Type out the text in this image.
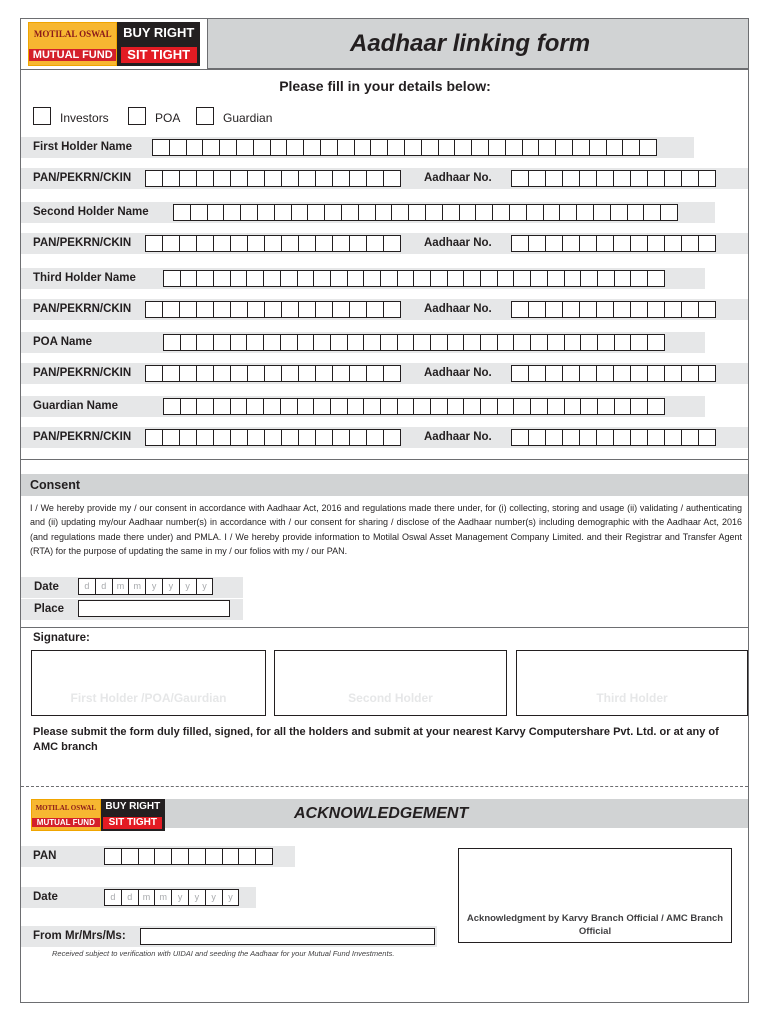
MOTILAL OSWAL
MUTUAL FUND
BUY RIGHT
SIT TIGHT	Aadhaar linking form
Please fill in your details below:
Investors	POA	Guardian
First Holder Name
PAN/PEKRN/CKIN	Aadhaar No.
Second Holder Name
PAN/PEKRN/CKIN	Aadhaar No.
Third Holder Name
PAN/PEKRN/CKIN	Aadhaar No.
POA Name
PAN/PEKRN/CKIN	Aadhaar No.
Guardian Name
PAN/PEKRN/CKIN	Aadhaar No.
Consent
I / We hereby provide my / our consent in accordance with Aadhaar Act, 2016 and regulations made there under, for (i) collecting, storing and usage (ii) validating / authenticating and (ii) updating my/our Aadhaar number(s) in accordance with / our consent for sharing / disclose of the Aadhaar number(s) including demographic with the Aadhaar Act, 2016 (and regulations made there under) and PMLA. I / We hereby provide information to Motilal Oswal Asset Management Company Limited. and their Registrar and Transfer Agent (RTA) for the purpose of updating the same in my / our folios with my / our PAN.
Date	d	d	m	m	y	y	y	y
Place
Signature:
First Holder /POA/Gaurdian	Second Holder	Third Holder
Please submit the form duly filled, signed, for all the holders and submit at your nearest Karvy Computershare Pvt. Ltd. or at any of AMC branch
MOTILAL OSWAL
MUTUAL FUND
BUY RIGHT
SIT TIGHT
ACKNOWLEDGEMENT
PAN
Date	d	d	m	m	y	y	y	y
From Mr/Mrs/Ms:
Acknowledgment by Karvy Branch Official / AMC Branch Official
Received subject to verification with UIDAI and seeding the Aadhaar for your Mutual Fund Investments.
